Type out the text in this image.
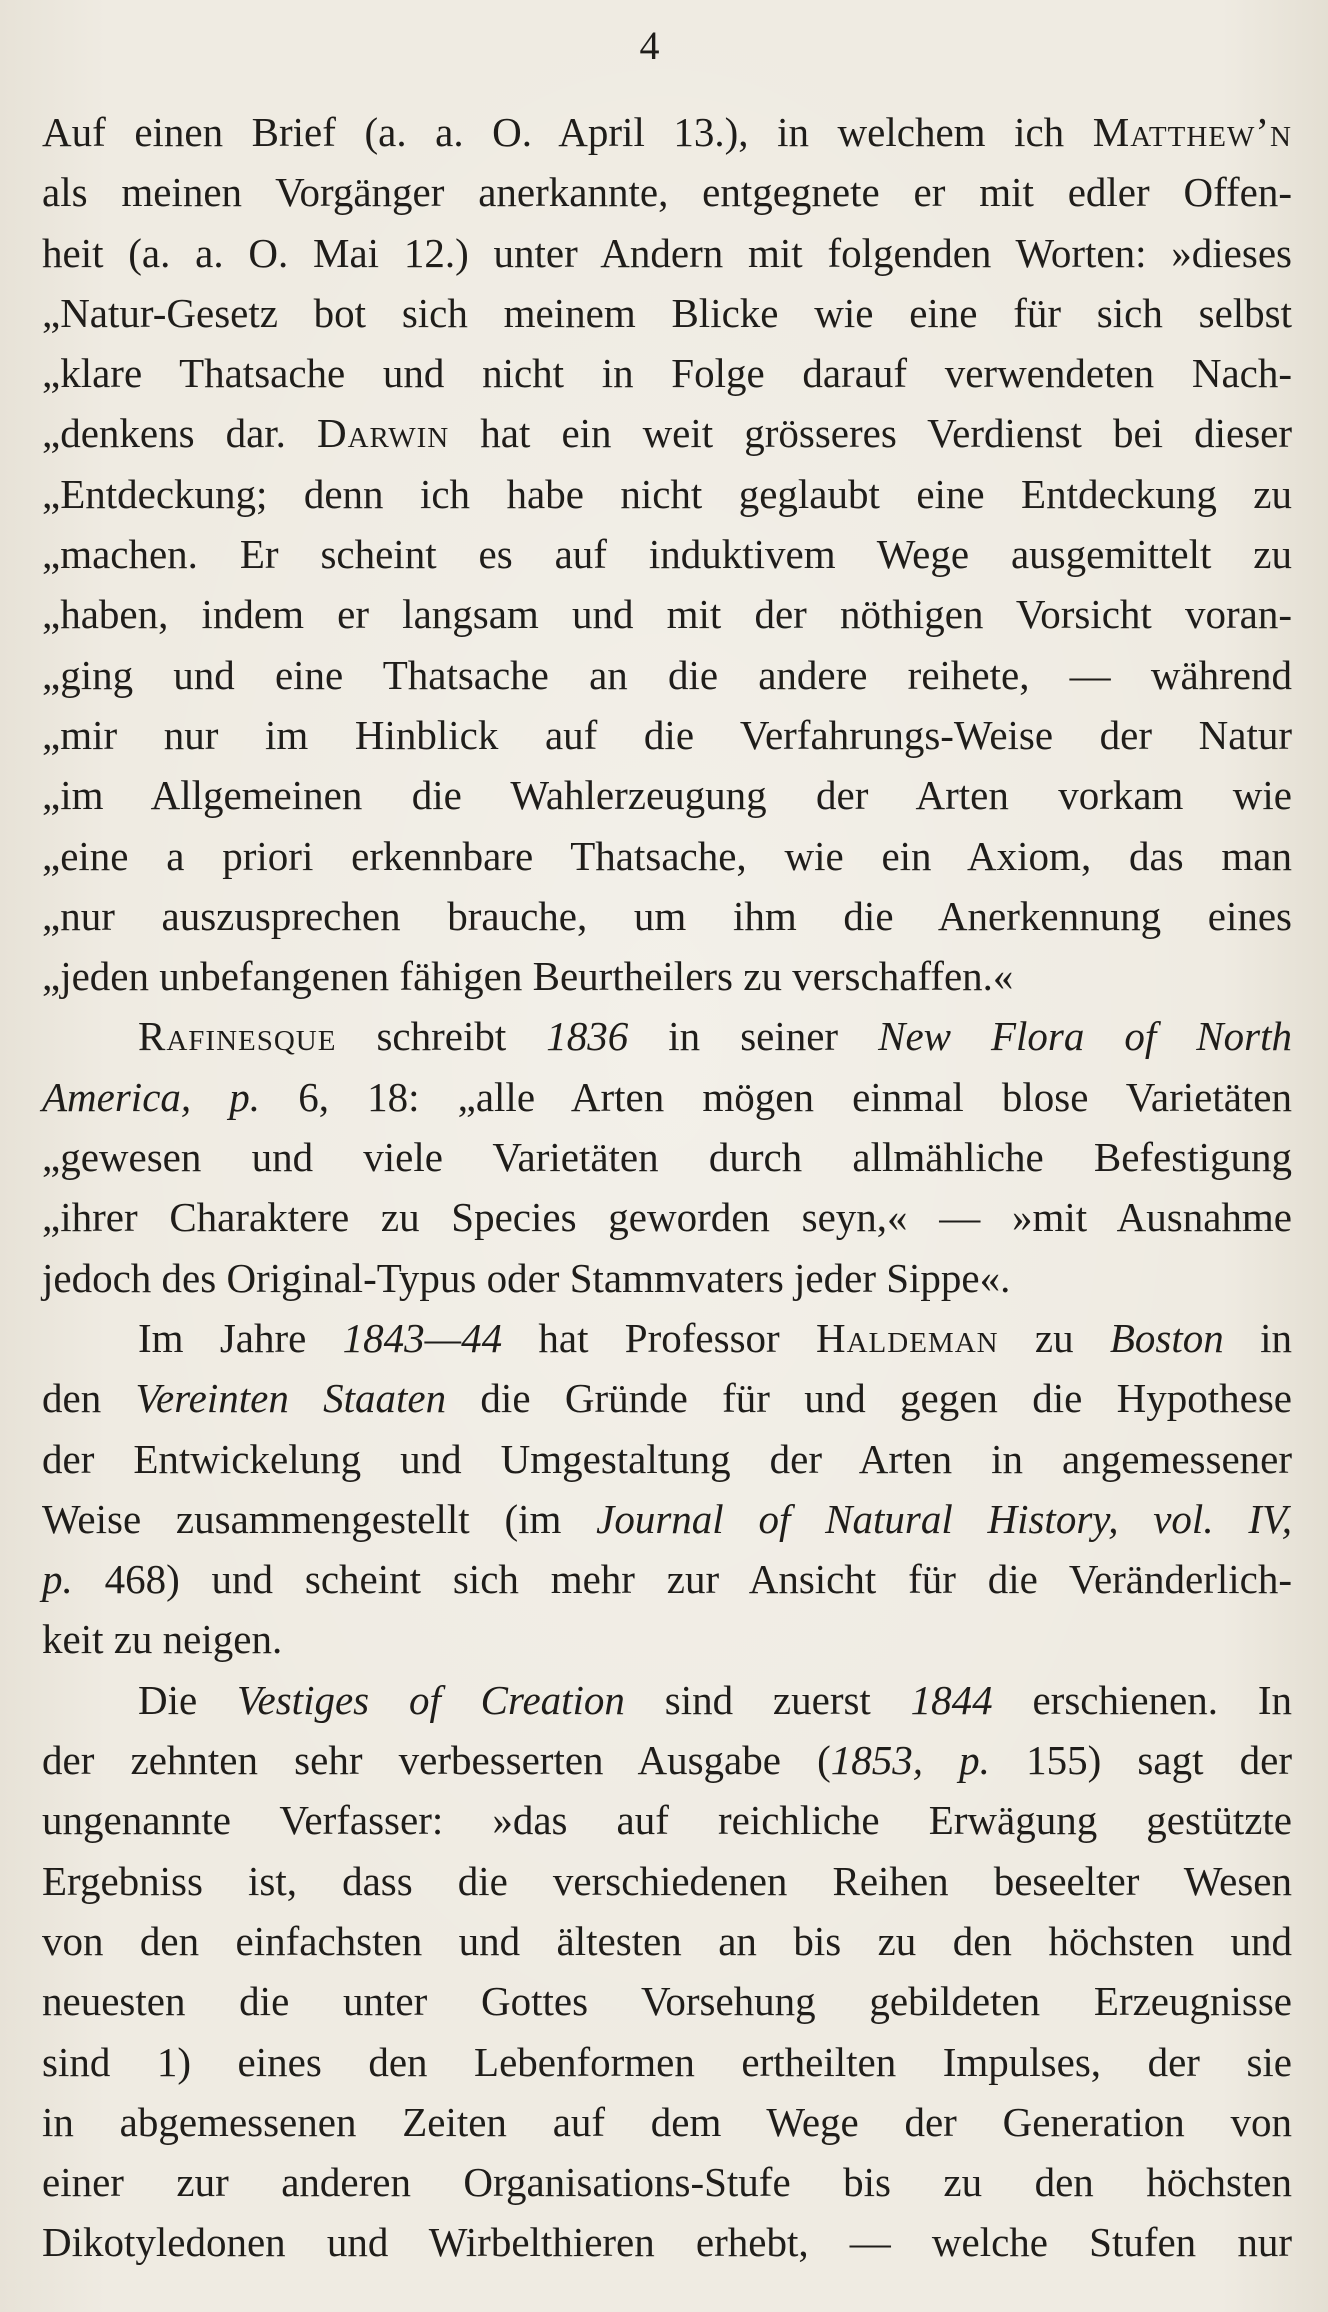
4
Auf einen Brief (a. a. O. April 13.), in welchem ich Matthew’n
als meinen Vorgänger anerkannte, entgegnete er mit edler Offen-
heit (a. a. O. Mai 12.) unter Andern mit folgenden Worten: »dieses
„Natur-Gesetz bot sich meinem Blicke wie eine für sich selbst
„klare Thatsache und nicht in Folge darauf verwendeten Nach-
„denkens dar. Darwin hat ein weit grösseres Verdienst bei dieser
„Entdeckung; denn ich habe nicht geglaubt eine Entdeckung zu
„machen. Er scheint es auf induktivem Wege ausgemittelt zu
„haben, indem er langsam und mit der nöthigen Vorsicht voran-
„ging und eine Thatsache an die andere reihete, — während
„mir nur im Hinblick auf die Verfahrungs-Weise der Natur
„im Allgemeinen die Wahlerzeugung der Arten vorkam wie
„eine a priori erkennbare Thatsache, wie ein Axiom, das man
„nur auszusprechen brauche, um ihm die Anerkennung eines
„jeden unbefangenen fähigen Beurtheilers zu verschaffen.«
Rafinesque schreibt 1836 in seiner New Flora of North
America, p. 6, 18: „alle Arten mögen einmal blose Varietäten
„gewesen und viele Varietäten durch allmähliche Befestigung
„ihrer Charaktere zu Species geworden seyn,« — »mit Ausnahme
jedoch des Original-Typus oder Stammvaters jeder Sippe«.
Im Jahre 1843—44 hat Professor Haldeman zu Boston in
den Vereinten Staaten die Gründe für und gegen die Hypothese
der Entwickelung und Umgestaltung der Arten in angemessener
Weise zusammengestellt (im Journal of Natural History, vol. IV,
p. 468) und scheint sich mehr zur Ansicht für die Veränderlich-
keit zu neigen.
Die Vestiges of Creation sind zuerst 1844 erschienen. In
der zehnten sehr verbesserten Ausgabe (1853, p. 155) sagt der
ungenannte Verfasser: »das auf reichliche Erwägung gestützte
Ergebniss ist, dass die verschiedenen Reihen beseelter Wesen
von den einfachsten und ältesten an bis zu den höchsten und
neuesten die unter Gottes Vorsehung gebildeten Erzeugnisse
sind 1) eines den Lebenformen ertheilten Impulses, der sie
in abgemessenen Zeiten auf dem Wege der Generation von
einer zur anderen Organisations-Stufe bis zu den höchsten
Dikotyledonen und Wirbelthieren erhebt, — welche Stufen nur
